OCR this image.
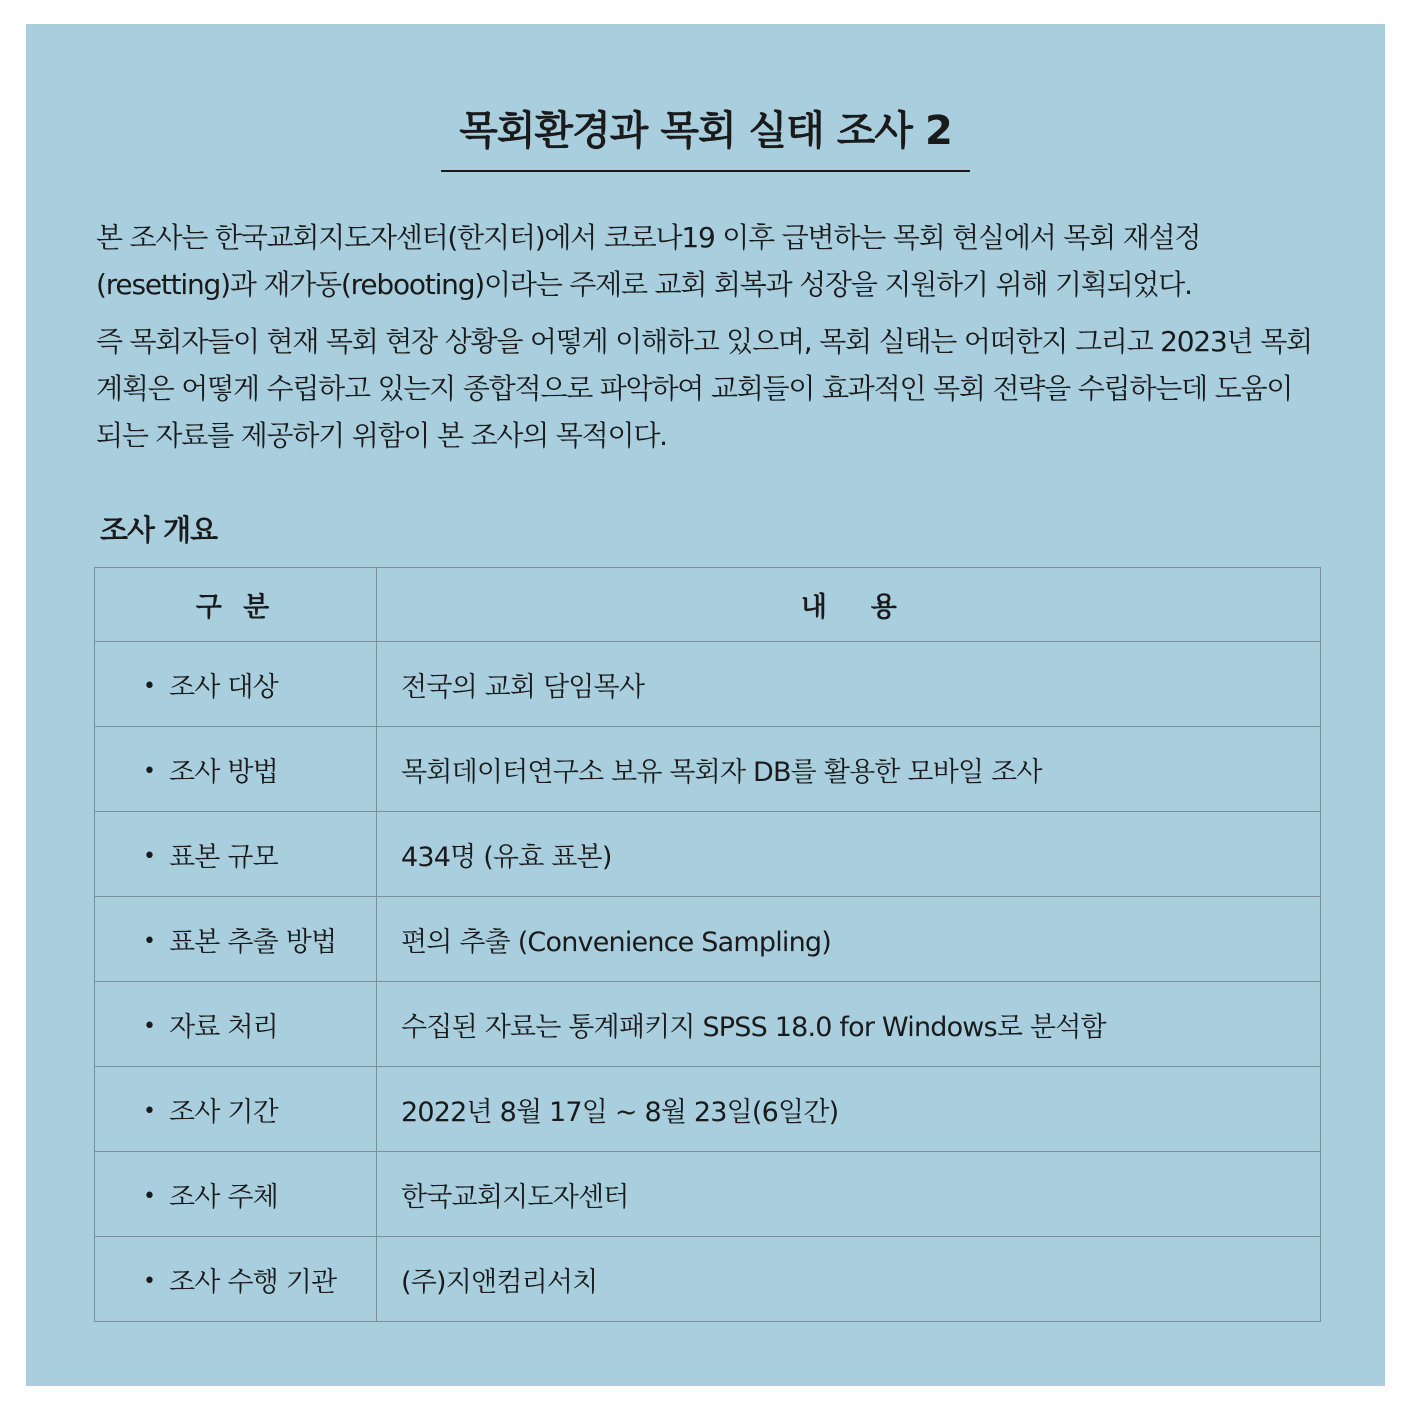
목회환경과 목회 실태 조사 2

본 조사는 한국교회지도자센터(한지터)에서 코로나19 이후 급변하는 목회 현실에서 목회 재설정(resetting)과 재가동(rebooting)이라는 주제로 교회 회복과 성장을 지원하기 위해 기획되었다.

즉 목회자들이 현재 목회 현장 상황을 어떻게 이해하고 있으며, 목회 실태는 어떠한지 그리고 2023년 목회 계획은 어떻게 수립하고 있는지 종합적으로 파악하여 교회들이 효과적인 목회 전략을 수립하는데 도움이 되는 자료를 제공하기 위함이 본 조사의 목적이다.

조사 개요
구 분	내 용
• 조사 대상	전국의 교회 담임목사
• 조사 방법	목회데이터연구소 보유 목회자 DB를 활용한 모바일 조사
• 표본 규모	434명 (유효 표본)
• 표본 추출 방법	편의 추출 (Convenience Sampling)
• 자료 처리	수집된 자료는 통계패키지 SPSS 18.0 for Windows로 분석함
• 조사 기간	2022년 8월 17일 ~ 8월 23일(6일간)
• 조사 주체	한국교회지도자센터
• 조사 수행 기관	(주)지앤컴리서치
